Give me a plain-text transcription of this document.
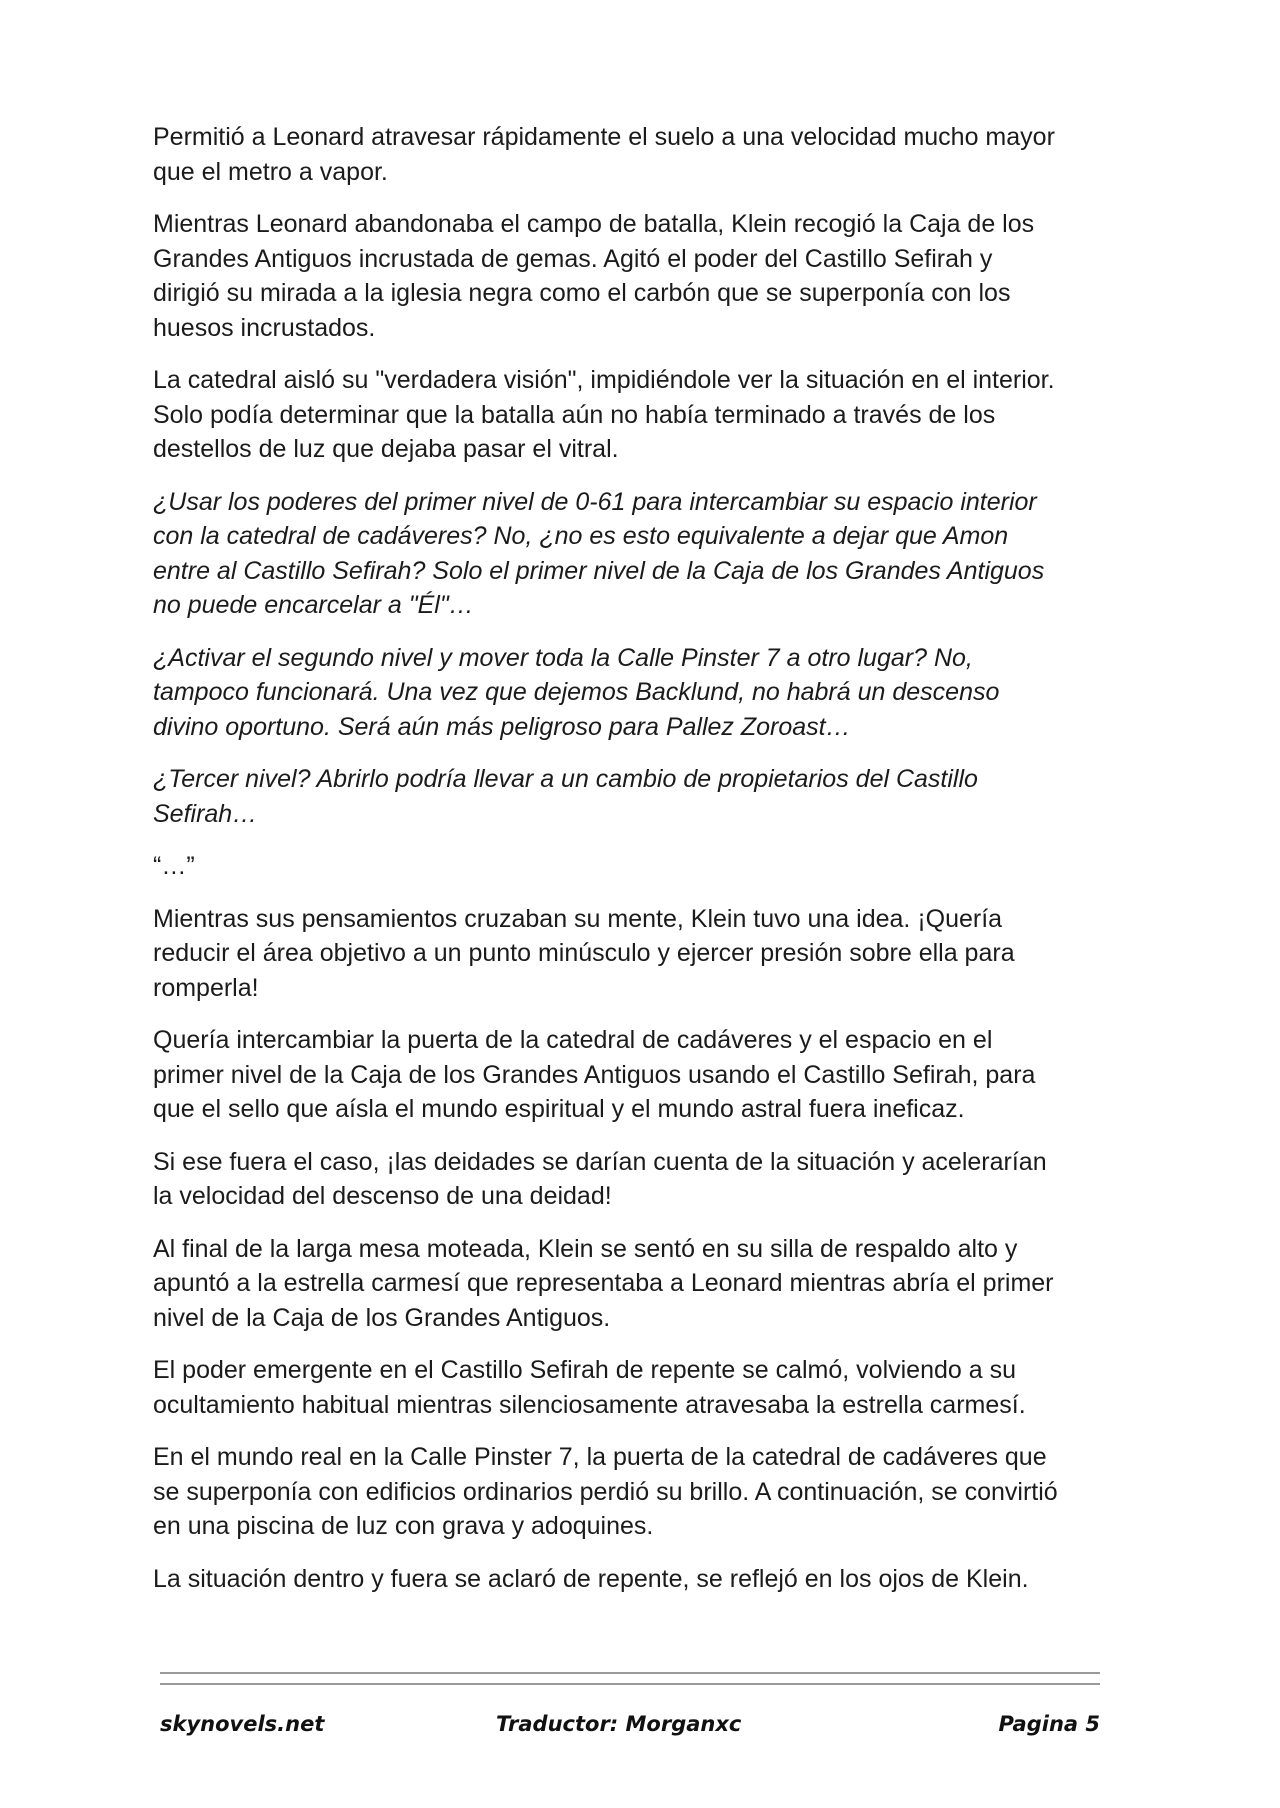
Permitió a Leonard atravesar rápidamente el suelo a una velocidad mucho mayor
que el metro a vapor.

Mientras Leonard abandonaba el campo de batalla, Klein recogió la Caja de los
Grandes Antiguos incrustada de gemas. Agitó el poder del Castillo Sefirah y
dirigió su mirada a la iglesia negra como el carbón que se superponía con los
huesos incrustados.

La catedral aisló su "verdadera visión", impidiéndole ver la situación en el interior.
Solo podía determinar que la batalla aún no había terminado a través de los
destellos de luz que dejaba pasar el vitral.

¿Usar los poderes del primer nivel de 0-61 para intercambiar su espacio interior
con la catedral de cadáveres? No, ¿no es esto equivalente a dejar que Amon
entre al Castillo Sefirah? Solo el primer nivel de la Caja de los Grandes Antiguos
no puede encarcelar a "Él"…

¿Activar el segundo nivel y mover toda la Calle Pinster 7 a otro lugar? No,
tampoco funcionará. Una vez que dejemos Backlund, no habrá un descenso
divino oportuno. Será aún más peligroso para Pallez Zoroast…

¿Tercer nivel? Abrirlo podría llevar a un cambio de propietarios del Castillo
Sefirah…

“…”

Mientras sus pensamientos cruzaban su mente, Klein tuvo una idea. ¡Quería
reducir el área objetivo a un punto minúsculo y ejercer presión sobre ella para
romperla!

Quería intercambiar la puerta de la catedral de cadáveres y el espacio en el
primer nivel de la Caja de los Grandes Antiguos usando el Castillo Sefirah, para
que el sello que aísla el mundo espiritual y el mundo astral fuera ineficaz.

Si ese fuera el caso, ¡las deidades se darían cuenta de la situación y acelerarían
la velocidad del descenso de una deidad!

Al final de la larga mesa moteada, Klein se sentó en su silla de respaldo alto y
apuntó a la estrella carmesí que representaba a Leonard mientras abría el primer
nivel de la Caja de los Grandes Antiguos.

El poder emergente en el Castillo Sefirah de repente se calmó, volviendo a su
ocultamiento habitual mientras silenciosamente atravesaba la estrella carmesí.

En el mundo real en la Calle Pinster 7, la puerta de la catedral de cadáveres que
se superponía con edificios ordinarios perdió su brillo. A continuación, se convirtió
en una piscina de luz con grava y adoquines.

La situación dentro y fuera se aclaró de repente, se reflejó en los ojos de Klein.

skynovels.net	Traductor: Morganxc	Pagina 5
